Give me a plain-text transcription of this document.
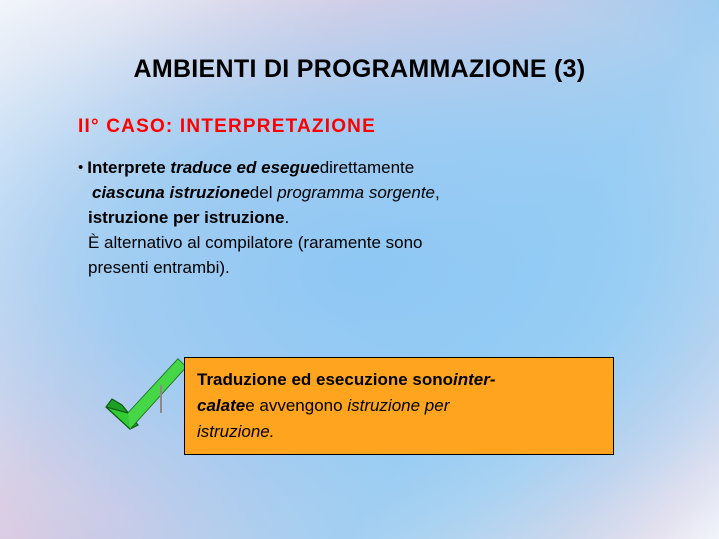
AMBIENTI DI PROGRAMMAZIONE (3)
II° CASO: INTERPRETAZIONE
• Interprete traduce ed eseguedirettamente
ciascuna istruzionedel programma sorgente,
istruzione per istruzione.
È alternativo al compilatore (raramente sono
presenti entrambi).
Traduzione ed esecuzione sonointer-
calatee avvengono istruzione per
istruzione.
